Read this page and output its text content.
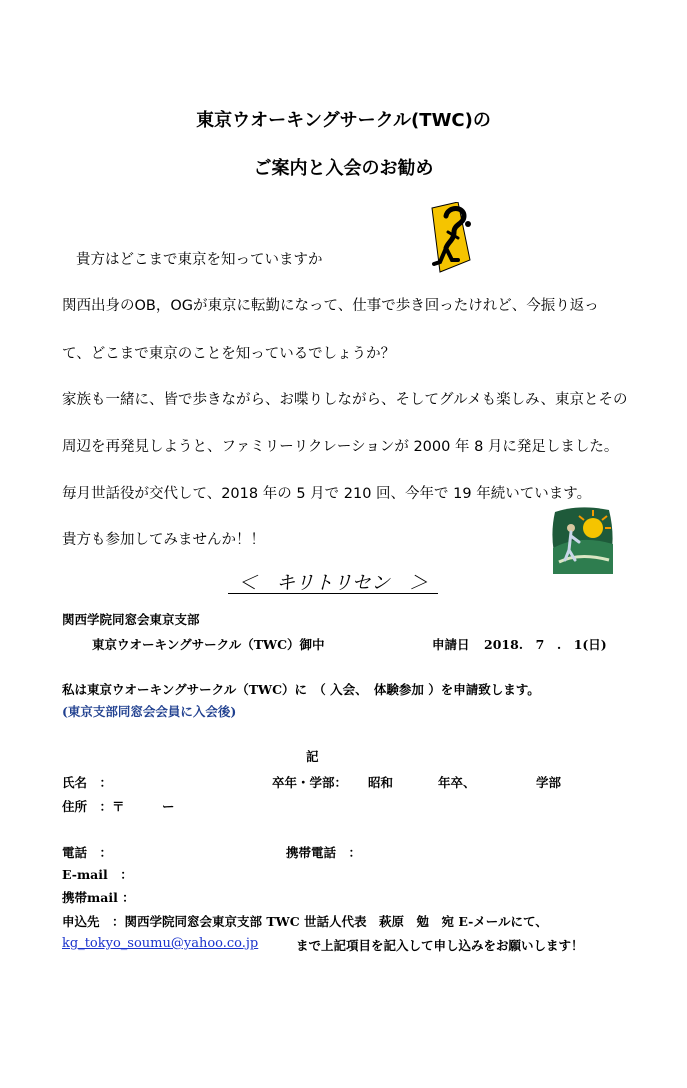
東京ウオーキングサークル(TWC)の
ご案内と入会のお勧め
貴方はどこまで東京を知っていますか
関西出身のOB，OGが東京に転勤になって、仕事で歩き回ったけれど、今振り返っ
て、どこまで東京のことを知っているでしょうか？
家族も一緒に、皆で歩きながら、お喋りしながら、そしてグルメも楽しみ、東京とその
周辺を再発見しようと、ファミリーリクレーションが 2000 年 8 月に発足しました。
毎月世話役が交代して、2018 年の 5 月で 210 回、今年で 19 年続いています。
貴方も参加してみませんか！！
＜　キリトリセン　＞
関西学院同窓会東京支部
東京ウオーキングサークル（TWC）御中	申請日 2018.　7　.　1(日)
私は東京ウオーキングサークル（TWC）に　（ 入会、　体験参加 ）を申請致します。
(東京支部同窓会会員に入会後)
記
氏名　：	卒年・学部： 昭和	年卒、	学部
住所　：〒　　　ー
電話　：	携帯電話　：
E-mail　：
携帯mail ：
申込先　：関西学院同窓会東京支部 TWC 世話人代表　萩原　勉　宛 E-メールにて、
kg_tokyo_soumu@yahoo.co.jp	まで上記項目を記入して申し込みをお願いします！
